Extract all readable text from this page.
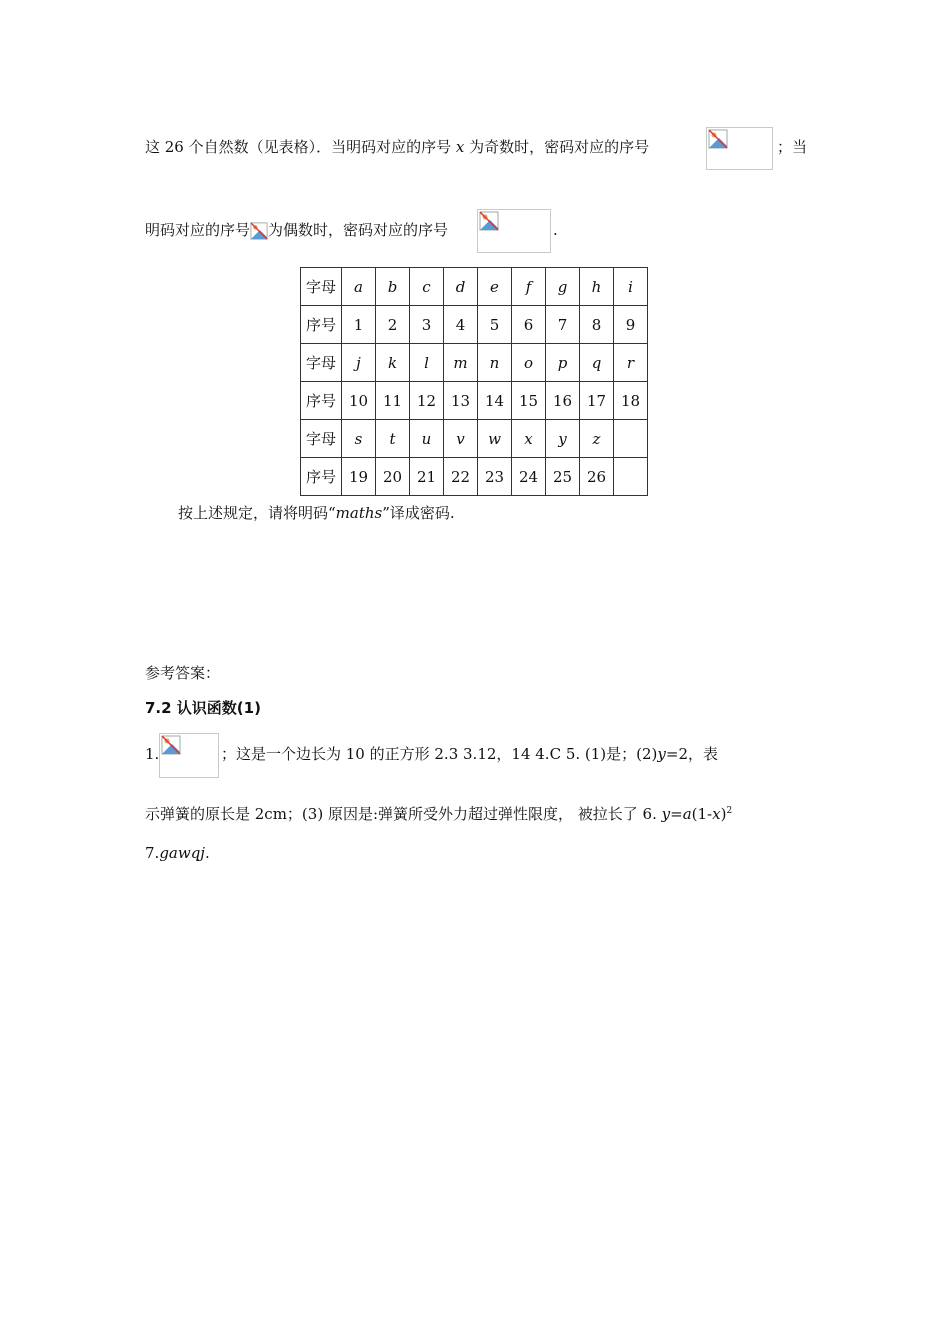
这 26 个自然数（见表格）．当明码对应的序号 x 为奇数时，密码对应的序号	；当
明码对应的序号 为偶数时，密码对应的序号	.
字母	a	b	c	d	e	f	g	h	i
序号	1	2	3	4	5	6	7	8	9
字母	j	k	l	m	n	o	p	q	r
序号	10	11	12	13	14	15	16	17	18
字母	s	t	u	v	w	x	y	z	
序号	19	20	21	22	23	24	25	26	
按上述规定，请将明码“maths”译成密码.
参考答案：
7.2 认识函数(1)
1.	；这是一个边长为 10 的正方形 2.3 3.12，14 4.C 5. (1)是；(2)y=2，表
示弹簧的原长是 2cm；(3) 原因是:弹簧所受外力超过弹性限度， 被拉长了 6. $y=a(1-x)^2$
7.gawqj.
